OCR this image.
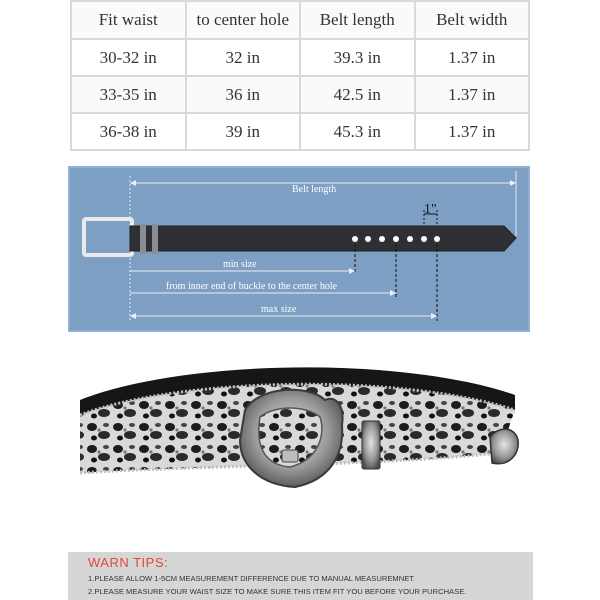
Fit waist	to center hole	Belt length	Belt width
30-32 in	32 in	39.3 in	1.37 in
33-35 in	36 in	42.5 in	1.37 in
36-38 in	39 in	45.3 in	1.37 in
Belt length
1"
min size
from inner end of buckle to the center hole
max size
WARN TIPS:
1.PLEASE ALLOW 1-5CM MEASUREMENT DIFFERENCE DUE TO MANUAL MEASUREMNET.
2.PLEASE MEASURE YOUR WAIST SIZE TO MAKE SURE THIS ITEM FIT YOU BEFORE YOUR PURCHASE.
